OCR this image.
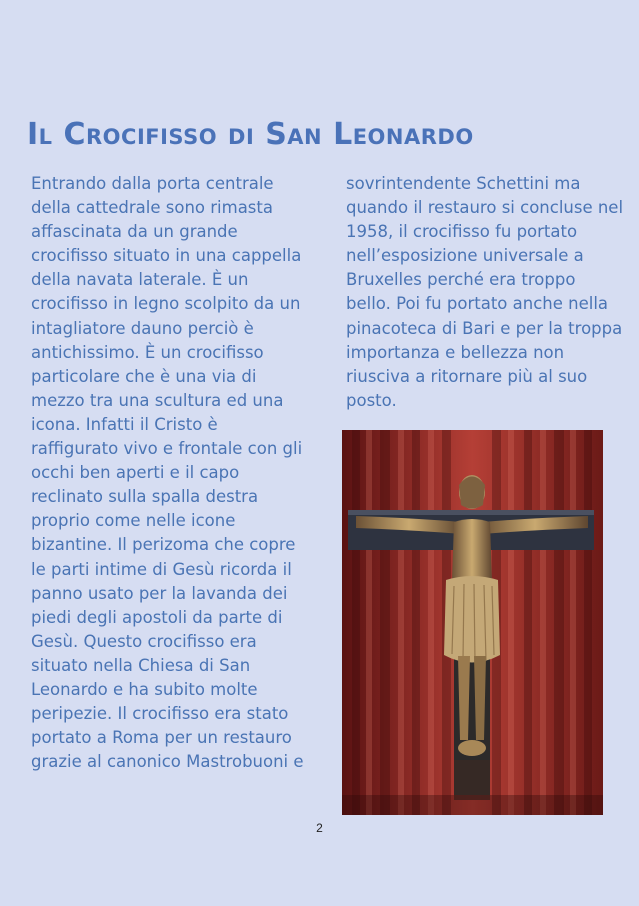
Il Crocifisso di San Leonardo
Entrando dalla porta centrale
della cattedrale sono rimasta
affascinata da un grande
crocifisso situato in una cappella
della navata laterale. È un
crocifisso in legno scolpito da un
intagliatore dauno perciò è
antichissimo. È un crocifisso
particolare che è una via di
mezzo tra una scultura ed una
icona. Infatti il Cristo è
raffigurato vivo e frontale con gli
occhi ben aperti e il capo
reclinato sulla spalla destra
proprio come nelle icone
bizantine. Il perizoma che copre
le parti intime di Gesù ricorda il
panno usato per la lavanda dei
piedi degli apostoli da parte di
Gesù. Questo crocifisso era
situato nella Chiesa di San
Leonardo e ha subito molte
peripezie. Il crocifisso era stato
portato a Roma per un restauro
grazie al canonico Mastrobuoni e
sovrintendente Schettini ma
quando il restauro si concluse nel
1958, il crocifisso fu portato
nell’esposizione universale a
Bruxelles perché era troppo
bello. Poi fu portato anche nella
pinacoteca di Bari e per la troppa
importanza e bellezza non
riusciva a ritornare più al suo
posto.
2
